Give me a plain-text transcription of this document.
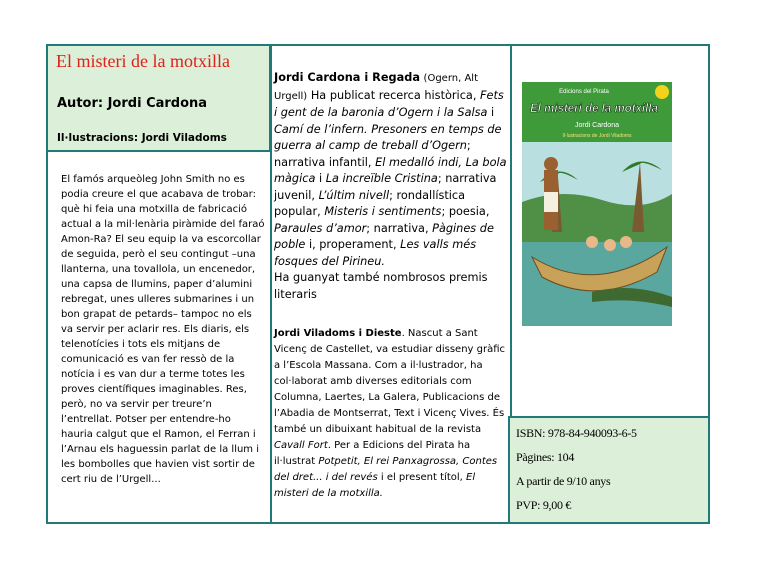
El misteri de la motxilla
Autor: Jordi Cardona
Il·lustracions: Jordi Viladoms
El famós arqueòleg John Smith no es podia creure el que acabava de trobar: què hi feia una motxilla de fabricació actual a la mil·lenària piràmide del faraó Amon-Ra? El seu equip la va escorcollar de seguida, però el seu contingut –una llanterna, una tovallola, un encenedor, una capsa de llumins, paper d’alumini rebregat, unes ulleres submarines i un bon grapat de petards– tampoc no els va servir per aclarir res. Els diaris, els telenotícies i tots els mitjans de comunicació es van fer ressò de la notícia i es van dur a terme totes les proves científiques imaginables. Res, però, no va servir per treure’n l’entrellat. Potser per entendre-ho hauria calgut que el Ramon, el Ferran i l’Arnau els haguessin parlat de la llum i les bombolles que havien vist sortir de cert riu de l’Urgell...
Jordi Cardona i Regada (Ogern, Alt Urgell) Ha publicat recerca històrica, Fets i gent de la baronia d’Ogern i la Salsa i Camí de l’infern. Presoners en temps de guerra al camp de treball d’Ogern; narrativa infantil, El medalló indi, La bola màgica i La increïble Cristina; narrativa juvenil, L’últim nivell; rondallística popular, Misteris i sentiments; poesia, Paraules d’amor; narrativa, Pàgines de poble i, properament, Les valls més fosques del Pirineu.
Ha guanyat també nombrosos premis literaris
Jordi Viladoms i Dieste. Nascut a Sant Vicenç de Castellet, va estudiar disseny gràfic a l’Escola Massana. Com a il·lustrador, ha col·laborat amb diverses editorials com Columna, Laertes, La Galera, Publicacions de l’Abadia de Montserrat, Text i Vicenç Vives. És també un dibuixant habitual de la revista Cavall Fort. Per a Edicions del Pirata ha il·lustrat Potpetit, El rei Panxagrossa, Contes del dret... i del revés i el present títol, El misteri de la motxilla.
Edicions del Pirata
El misteri de la motxilla
Jordi Cardona
Il·lustracions de Jordi Viladoms
ISBN: 978-84-940093-6-5
Pàgines: 104
A partir de 9/10 anys
PVP: 9,00 €
